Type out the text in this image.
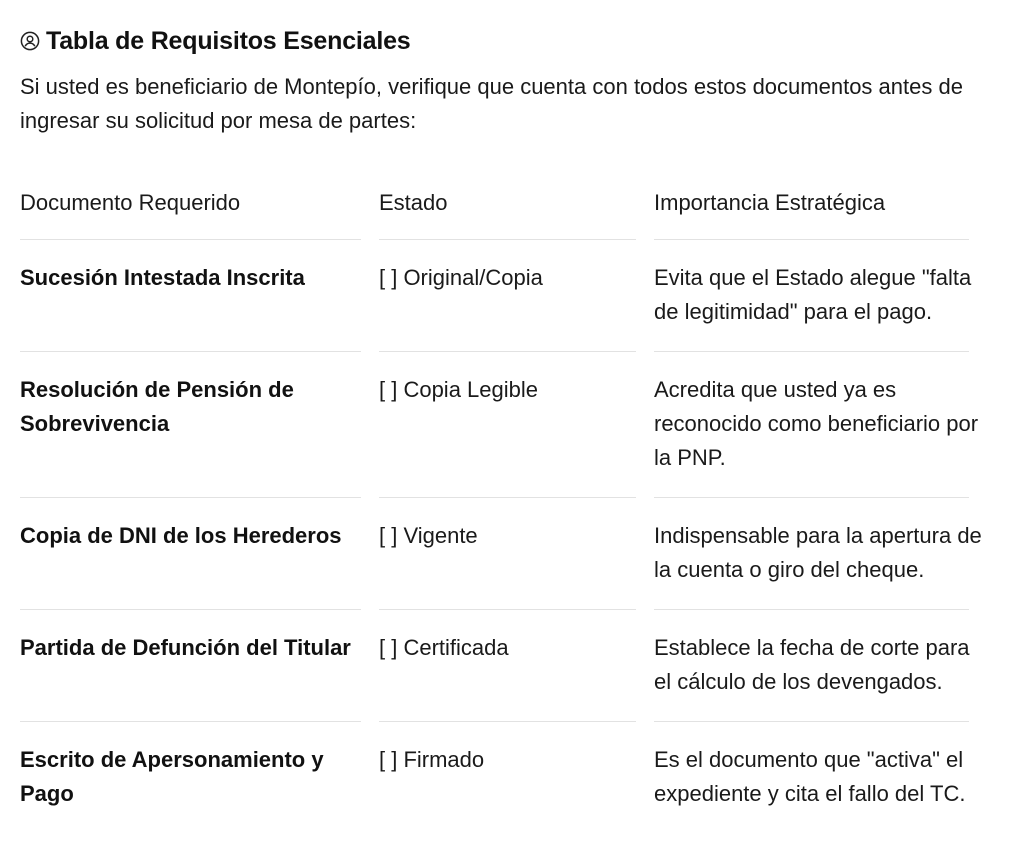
Tabla de Requisitos Esenciales
Si usted es beneficiario de Montepío, verifique que cuenta con todos estos documentos antes de ingresar su solicitud por mesa de partes:
Documento Requerido	Estado	Importancia Estratégica

Sucesión Intestada Inscrita	[ ] Original/Copia	Evita que el Estado alegue "falta de legitimidad" para el pago.

Resolución de Pensión de Sobrevivencia	[ ] Copia Legible	Acredita que usted ya es reconocido como beneficiario por la PNP.

Copia de DNI de los Herederos	[ ] Vigente	Indispensable para la apertura de la cuenta o giro del cheque.

Partida de Defunción del Titular	[ ] Certificada	Establece la fecha de corte para el cálculo de los devengados.

Escrito de Apersonamiento y Pago	[ ] Firmado	Es el documento que "activa" el expediente y cita el fallo del TC.
